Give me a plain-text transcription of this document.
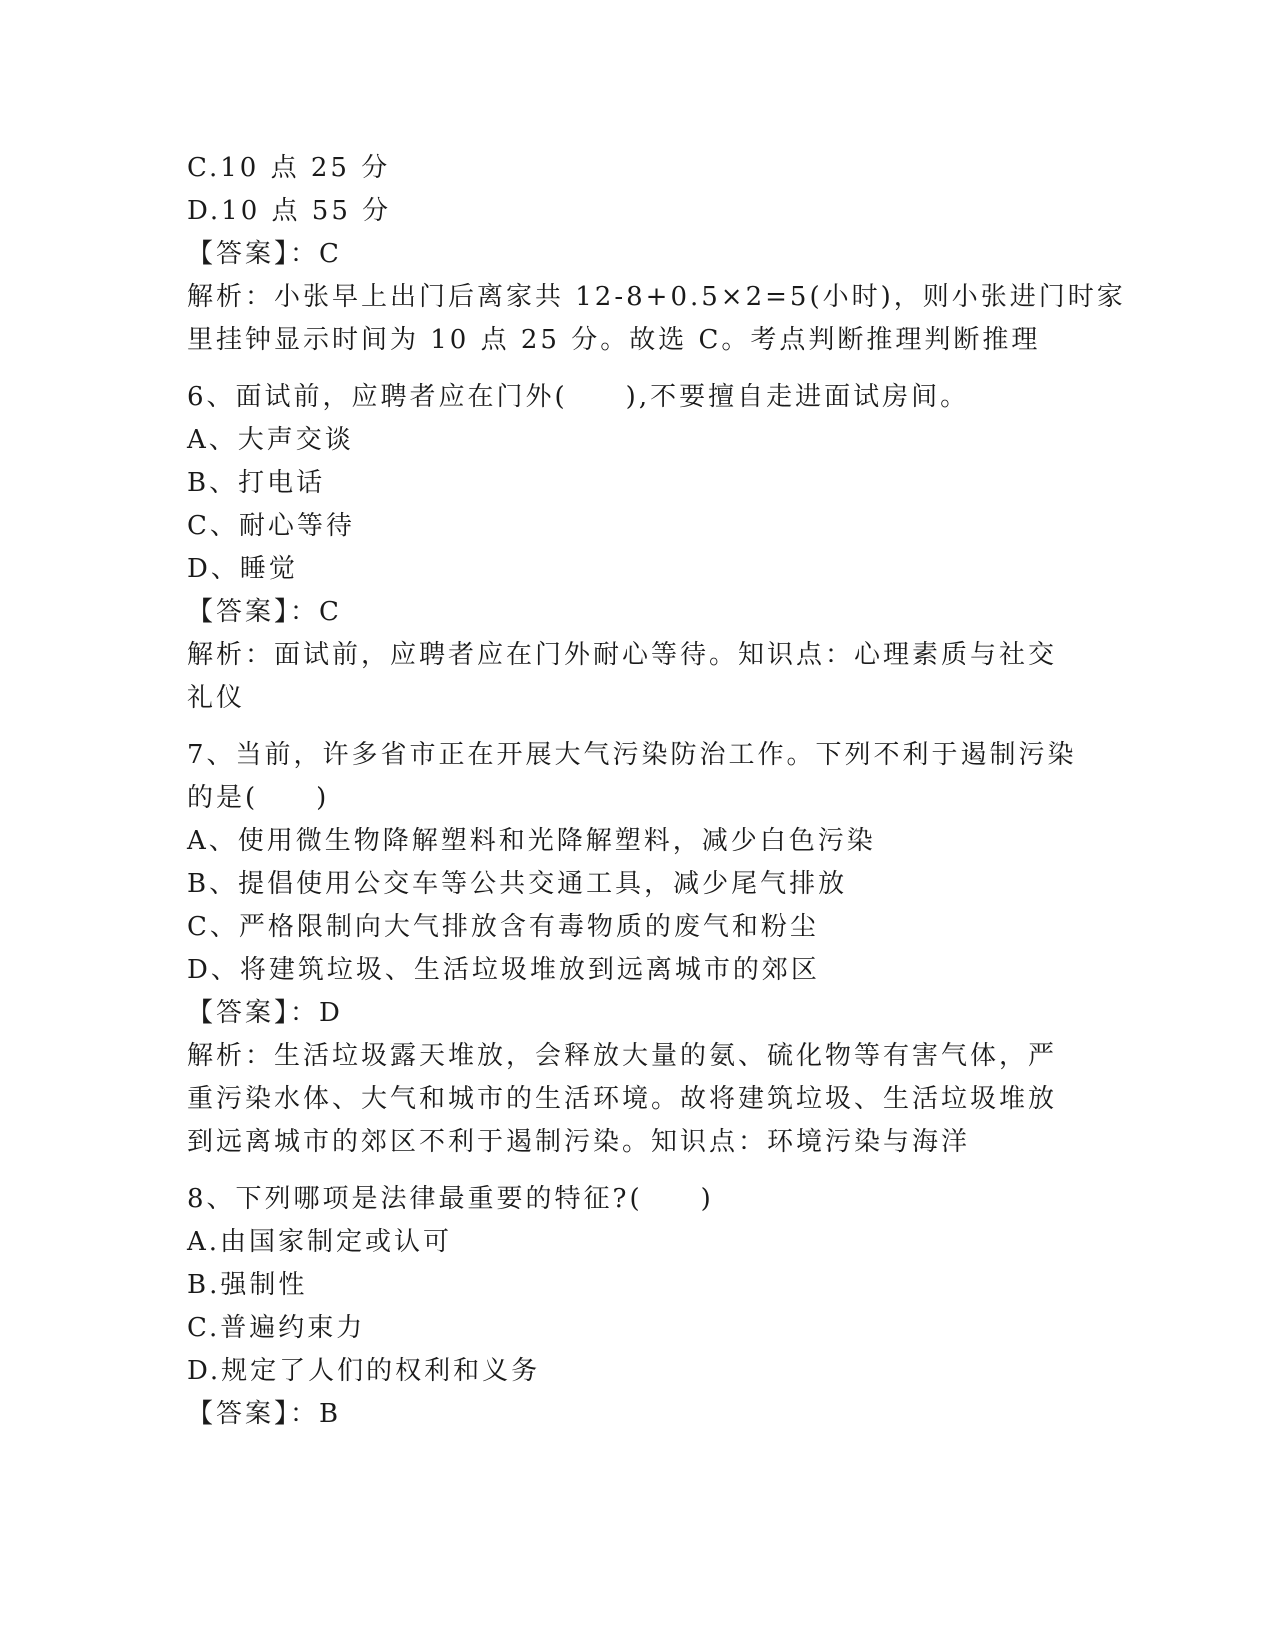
C.10 点 25 分
D.10 点 55 分
【答案】：C
解析：小张早上出门后离家共 12-8+0.5×2=5(小时)，则小张进门时家
里挂钟显示时间为 10 点 25 分。故选 C。考点判断推理判断推理
6、面试前，应聘者应在门外(　　),不要擅自走进面试房间。
A、大声交谈
B、打电话
C、耐心等待
D、睡觉
【答案】：C
解析：面试前，应聘者应在门外耐心等待。知识点：心理素质与社交
礼仪
7、当前，许多省市正在开展大气污染防治工作。下列不利于遏制污染
的是(　　)
A、使用微生物降解塑料和光降解塑料，减少白色污染
B、提倡使用公交车等公共交通工具，减少尾气排放
C、严格限制向大气排放含有毒物质的废气和粉尘
D、将建筑垃圾、生活垃圾堆放到远离城市的郊区
【答案】：D
解析：生活垃圾露天堆放，会释放大量的氨、硫化物等有害气体，严
重污染水体、大气和城市的生活环境。故将建筑垃圾、生活垃圾堆放
到远离城市的郊区不利于遏制污染。知识点：环境污染与海洋
8、下列哪项是法律最重要的特征?(　　)
A.由国家制定或认可
B.强制性
C.普遍约束力
D.规定了人们的权利和义务
【答案】：B
